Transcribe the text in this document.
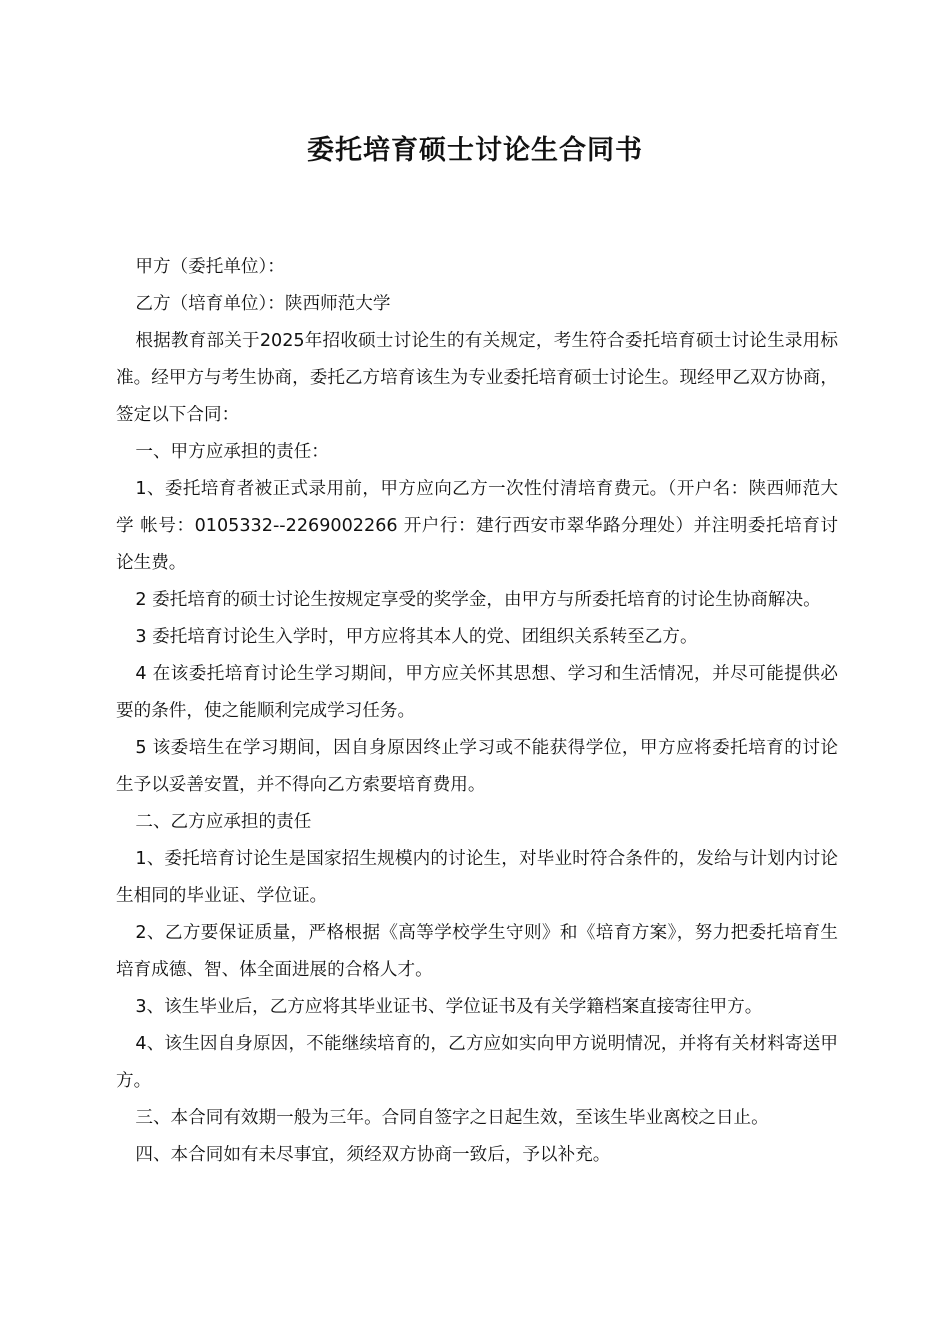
委托培育硕士讨论生合同书

甲方（委托单位）：

乙方（培育单位）：陕西师范大学

根据教育部关于2025年招收硕士讨论生的有关规定，考生符合委托培育硕士讨论生录用标准。经甲方与考生协商，委托乙方培育该生为专业委托培育硕士讨论生。现经甲乙双方协商，签定以下合同：

一、甲方应承担的责任：

1、委托培育者被正式录用前，甲方应向乙方一次性付清培育费元。（开户名：陕西师范大学 帐号：0105332--2269002266 开户行：建行西安市翠华路分理处）并注明委托培育讨论生费。

2 委托培育的硕士讨论生按规定享受的奖学金，由甲方与所委托培育的讨论生协商解决。

3 委托培育讨论生入学时，甲方应将其本人的党、团组织关系转至乙方。

4 在该委托培育讨论生学习期间，甲方应关怀其思想、学习和生活情况，并尽可能提供必要的条件，使之能顺利完成学习任务。

5 该委培生在学习期间，因自身原因终止学习或不能获得学位，甲方应将委托培育的讨论生予以妥善安置，并不得向乙方索要培育费用。

二、乙方应承担的责任

1、委托培育讨论生是国家招生规模内的讨论生，对毕业时符合条件的，发给与计划内讨论生相同的毕业证、学位证。

2、乙方要保证质量，严格根据《高等学校学生守则》和《培育方案》，努力把委托培育生培育成德、智、体全面进展的合格人才。

3、该生毕业后，乙方应将其毕业证书、学位证书及有关学籍档案直接寄往甲方。

4、该生因自身原因，不能继续培育的，乙方应如实向甲方说明情况，并将有关材料寄送甲方。

三、本合同有效期一般为三年。合同自签字之日起生效，至该生毕业离校之日止。

四、本合同如有未尽事宜，须经双方协商一致后，予以补充。
